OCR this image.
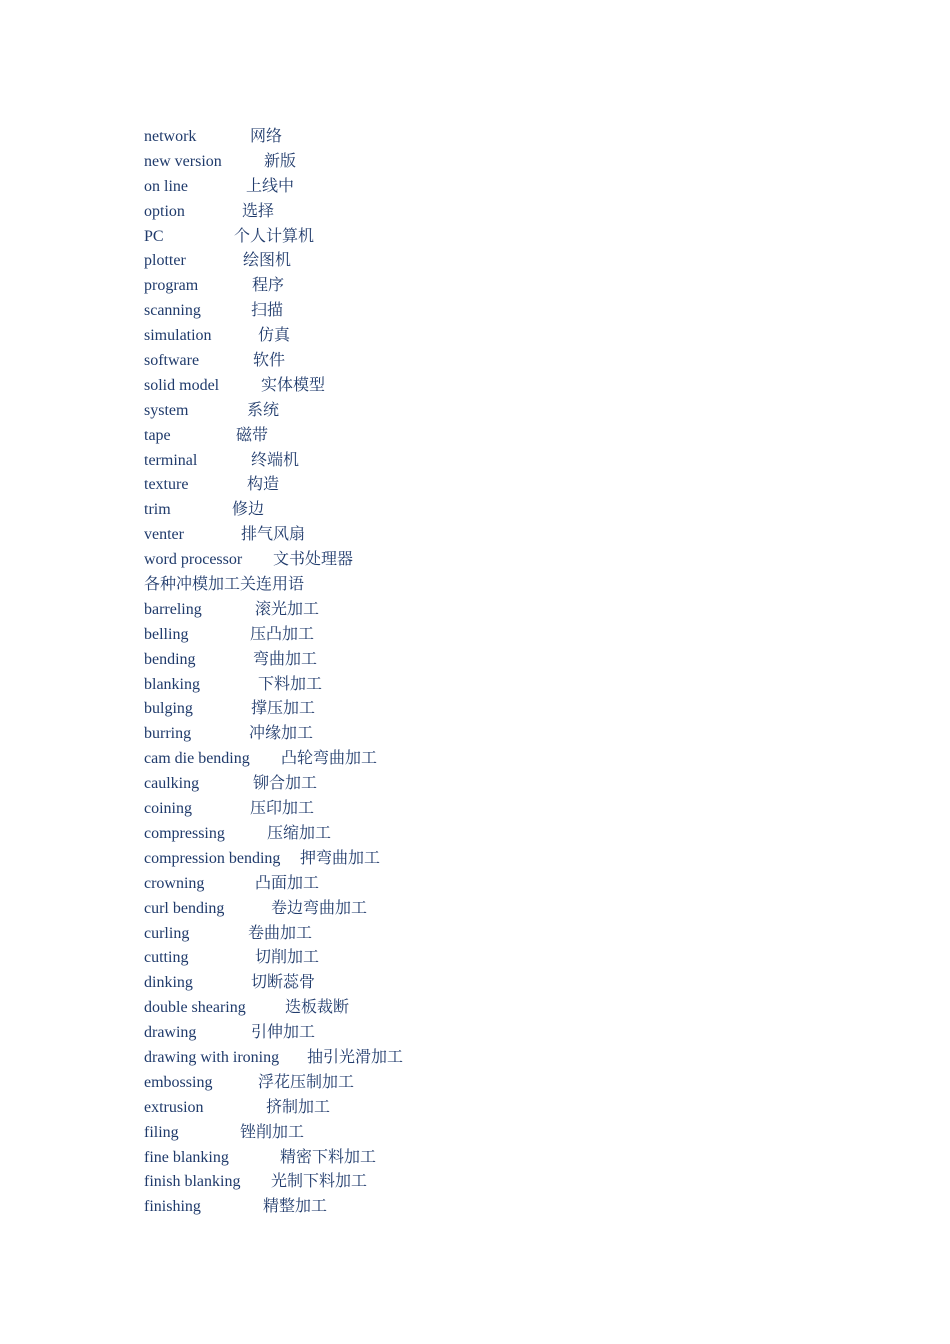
network	网络
new version	新版
on line	上线中
option	选择
PC	个人计算机
plotter	绘图机
program	程序
scanning	扫描
simulation	仿真
software	软件
solid model	实体模型
system	系统
tape	磁带
terminal	终端机
texture	构造
trim	修边
venter	排气风扇
word processor 文书处理器
各种冲模加工关连用语
barreling	滚光加工
belling	压凸加工
bending	弯曲加工
blanking	下料加工
bulging	撑压加工
burring	冲缘加工
cam die bending 凸轮弯曲加工
caulking	铆合加工
coining	压印加工
compressing	压缩加工
compression bending 押弯曲加工
crowning	凸面加工
curl bending	卷边弯曲加工
curling	卷曲加工
cutting	切削加工
dinking	切断蕊骨
double shearing 迭板裁断
drawing	引伸加工
drawing with ironing 抽引光滑加工
embossing	浮花压制加工
extrusion	挤制加工
filing	锉削加工
fine blanking	精密下料加工
finish blanking 光制下料加工
finishing	精整加工
